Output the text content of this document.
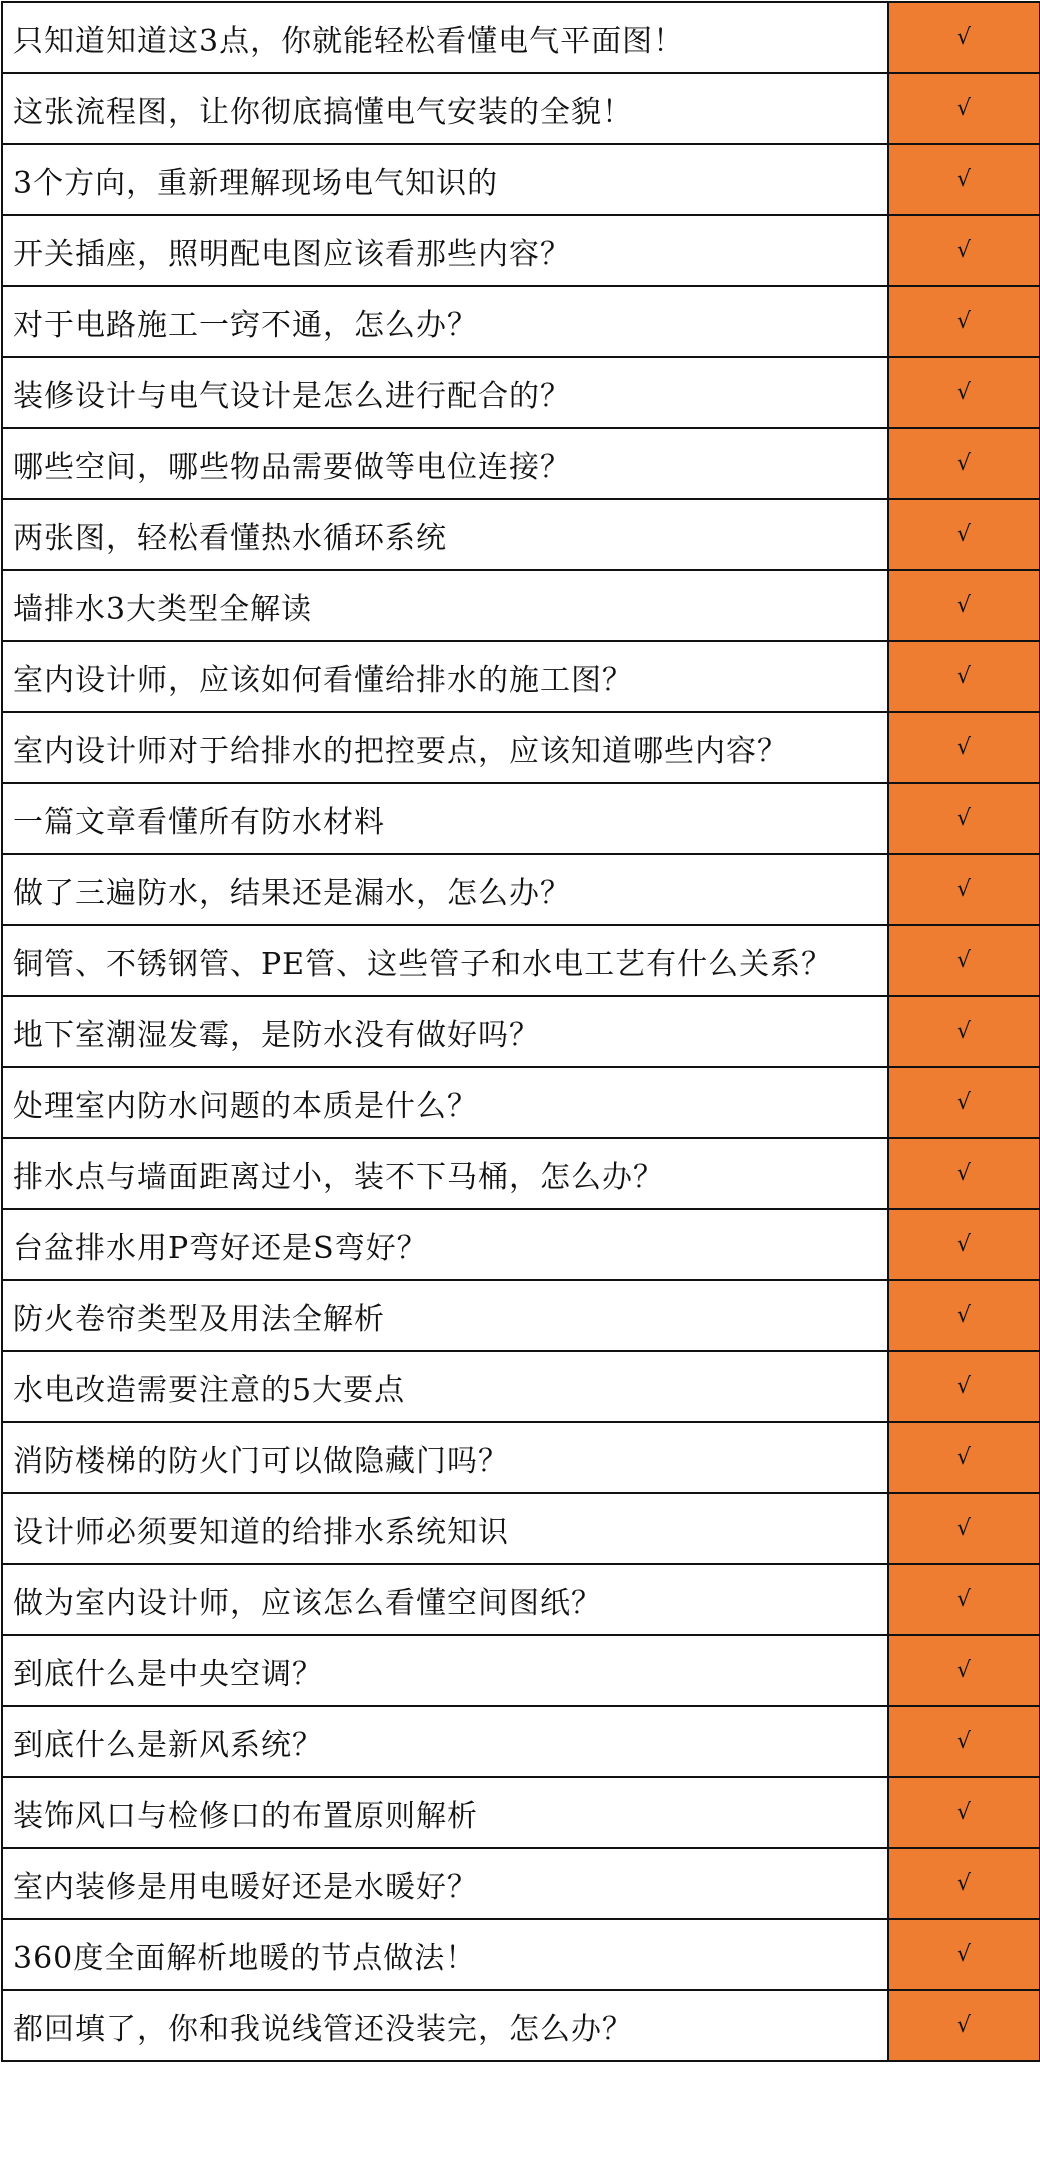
只知道知道这3点，你就能轻松看懂电气平面图！	√
这张流程图，让你彻底搞懂电气安装的全貌！	√
3个方向，重新理解现场电气知识的	√
开关插座，照明配电图应该看那些内容？	√
对于电路施工一窍不通，怎么办？	√
装修设计与电气设计是怎么进行配合的？	√
哪些空间，哪些物品需要做等电位连接？	√
两张图，轻松看懂热水循环系统	√
墙排水3大类型全解读	√
室内设计师，应该如何看懂给排水的施工图？	√
室内设计师对于给排水的把控要点，应该知道哪些内容？	√
一篇文章看懂所有防水材料	√
做了三遍防水，结果还是漏水，怎么办？	√
铜管、不锈钢管、PE管、这些管子和水电工艺有什么关系？	√
地下室潮湿发霉，是防水没有做好吗？	√
处理室内防水问题的本质是什么？	√
排水点与墙面距离过小，装不下马桶，怎么办？	√
台盆排水用P弯好还是S弯好？	√
防火卷帘类型及用法全解析	√
水电改造需要注意的5大要点	√
消防楼梯的防火门可以做隐藏门吗？	√
设计师必须要知道的给排水系统知识	√
做为室内设计师，应该怎么看懂空间图纸？	√
到底什么是中央空调？	√
到底什么是新风系统？	√
装饰风口与检修口的布置原则解析	√
室内装修是用电暖好还是水暖好？	√
360度全面解析地暖的节点做法！	√
都回填了，你和我说线管还没装完，怎么办？	√
